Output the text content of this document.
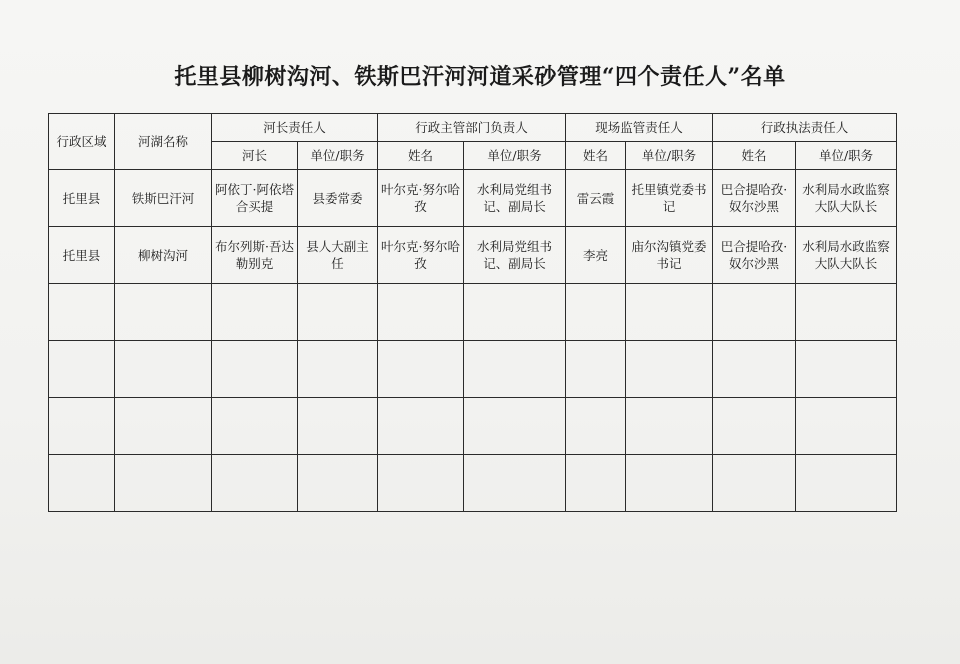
托里县柳树沟河、铁斯巴汗河河道采砂管理“四个责任人”名单
行政区域	河湖名称	河长责任人		行政主管部门负责人		现场监管责任人		行政执法责任人	
		河长	单位/职务	姓名	单位/职务	姓名	单位/职务	姓名	单位/职务
托里县	铁斯巴汗河	阿依丁·阿依塔合买提	县委常委	叶尔克·努尔哈孜	水利局党组书记、副局长	雷云霞	托里镇党委书记	巴合提哈孜·奴尔沙黑	水利局水政监察大队大队长
托里县	柳树沟河	布尔列斯·吾达勒别克	县人大副主任	叶尔克·努尔哈孜	水利局党组书记、副局长	李亮	庙尔沟镇党委书记	巴合提哈孜·奴尔沙黑	水利局水政监察大队大队长
